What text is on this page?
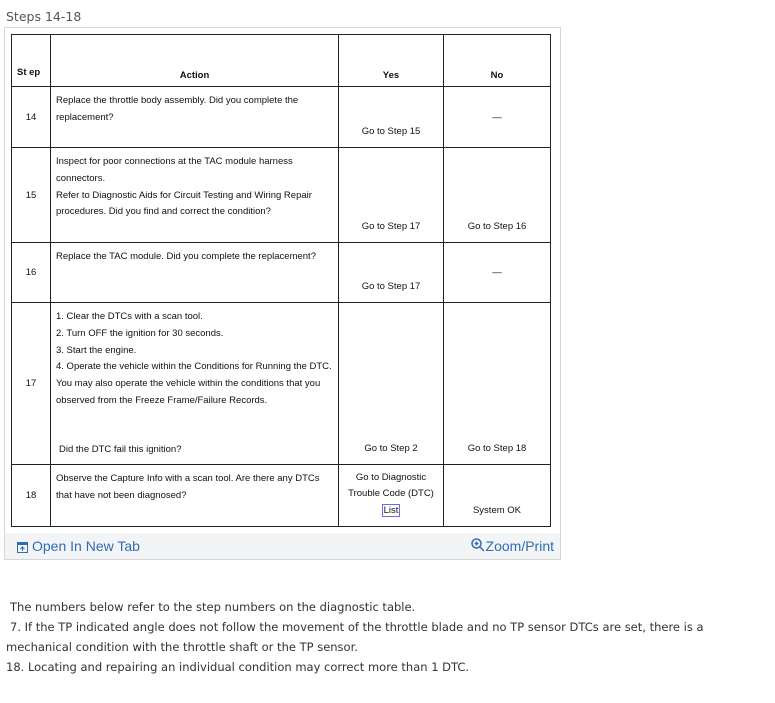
Steps 14-18
St ep	Action	Yes	No
14	Replace the throttle body assembly. Did you complete the replacement?	Go to Step 15	—
15	Inspect for poor connections at the TAC module harness connectors.
Refer to Diagnostic Aids for Circuit Testing and Wiring Repair procedures. Did you find and correct the condition?	Go to Step 17	Go to Step 16
16	Replace the TAC module. Did you complete the replacement?	Go to Step 17	—
17	1. Clear the DTCs with a scan tool.
2. Turn OFF the ignition for 30 seconds.
3. Start the engine.
4. Operate the vehicle within the Conditions for Running the DTC. You may also operate the vehicle within the conditions that you observed from the Freeze Frame/Failure Records.
Did the DTC fail this ignition?	Go to Step 2	Go to Step 18
18	Observe the Capture Info with a scan tool. Are there any DTCs that have not been diagnosed?	Go to Diagnostic Trouble Code (DTC) List	System OK
Open In New Tab	Zoom/Print

The numbers below refer to the step numbers on the diagnostic table.

7. If the TP indicated angle does not follow the movement of the throttle blade and no TP sensor DTCs are set, there is a mechanical condition with the throttle shaft or the TP sensor.

18. Locating and repairing an individual condition may correct more than 1 DTC.
